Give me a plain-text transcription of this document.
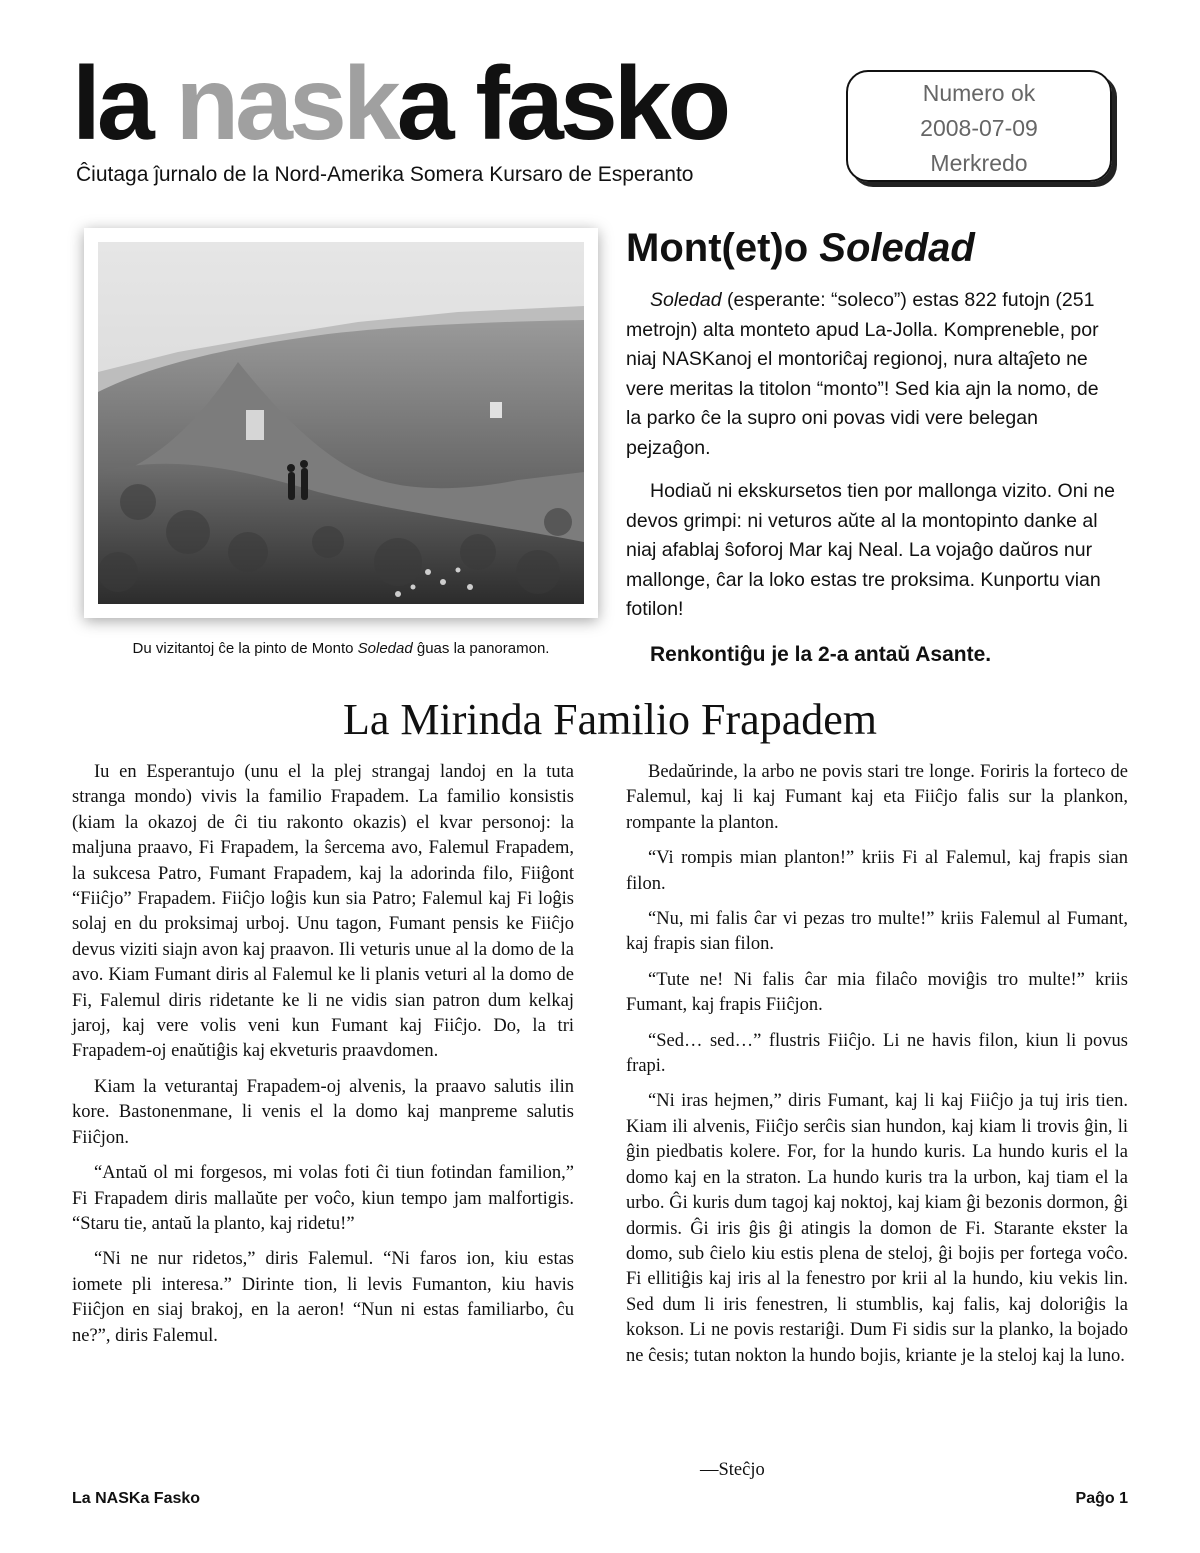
la naska fasko
Ĉiutaga ĵurnalo de la Nord-Amerika Somera Kursaro de Esperanto
Numero ok
2008-07-09
Merkredo
Du vizitantoj ĉe la pinto de Monto Soledad ĝuas la panoramon.
Mont(et)o Soledad

Soledad (esperante: “soleco”) estas 822 futojn (251 metrojn) alta monteto apud La-Jolla. Kompreneble, por niaj NASKanoj el montoriĉaj regionoj, nura altaĵeto ne vere meritas la titolon “monto”! Sed kia ajn la nomo, de la parko ĉe la supro oni povas vidi vere belegan pejzaĝon.

Hodiaŭ ni ekskursetos tien por mallonga vizito. Oni ne devos grimpi: ni veturos aŭte al la montopinto danke al niaj afablaj ŝoforoj Mar kaj Neal. La vojaĝo daŭros nur mallonge, ĉar la loko estas tre proksima. Kunportu vian fotilon!

Renkontiĝu je la 2-a antaŭ Asante.
La Mirinda Familio Frapadem

Iu en Esperantujo (unu el la plej strangaj landoj en la tuta stranga mondo) vivis la familio Frapadem. La familio konsistis (kiam la okazoj de ĉi tiu rakonto okazis) el kvar personoj: la maljuna praavo, Fi Frapadem, la ŝercema avo, Falemul Frapadem, la sukcesa Patro, Fumant Frapadem, kaj la adorinda filo, Fiiĝont “Fiiĉjo” Frapadem. Fiiĉjo loĝis kun sia Patro; Falemul kaj Fi loĝis solaj en du proksimaj urboj. Unu tagon, Fumant pensis ke Fiiĉjo devus viziti siajn avon kaj praavon. Ili veturis unue al la domo de la avo. Kiam Fumant diris al Falemul ke li planis veturi al la domo de Fi, Falemul diris ridetante ke li ne vidis sian patron dum kelkaj jaroj, kaj vere volis veni kun Fumant kaj Fiiĉjo. Do, la tri Frapadem-oj enaŭtiĝis kaj ekveturis praavdomen.

Kiam la veturantaj Frapadem-oj alvenis, la praavo salutis ilin kore. Bastonenmane, li venis el la domo kaj manpreme salutis Fiiĉjon.

“Antaŭ ol mi forgesos, mi volas foti ĉi tiun fotindan familion,” Fi Frapadem diris mallaŭte per voĉo, kiun tempo jam malfortigis. “Staru tie, antaŭ la planto, kaj ridetu!”

“Ni ne nur ridetos,” diris Falemul. “Ni faros ion, kiu estas iomete pli interesa.” Dirinte tion, li levis Fumanton, kiu havis Fiiĉjon en siaj brakoj, en la aeron! “Nun ni estas familiarbo, ĉu ne?”, diris Falemul.

Bedaŭrinde, la arbo ne povis stari tre longe. Foriris la forteco de Falemul, kaj li kaj Fumant kaj eta Fiiĉjo falis sur la plankon, rompante la planton.

“Vi rompis mian planton!” kriis Fi al Falemul, kaj frapis sian filon.

“Nu, mi falis ĉar vi pezas tro multe!” kriis Falemul al Fumant, kaj frapis sian filon.

“Tute ne! Ni falis ĉar mia filaĉo moviĝis tro multe!” kriis Fumant, kaj frapis Fiiĉjon.

“Sed… sed…” flustris Fiiĉjo. Li ne havis filon, kiun li povus frapi.

“Ni iras hejmen,” diris Fumant, kaj li kaj Fiiĉjo ja tuj iris tien. Kiam ili alvenis, Fiiĉjo serĉis sian hundon, kaj kiam li trovis ĝin, li ĝin piedbatis kolere. For, for la hundo kuris. La hundo kuris el la domo kaj en la straton. La hundo kuris tra la urbon, kaj tiam el la urbo. Ĝi kuris dum tagoj kaj noktoj, kaj kiam ĝi bezonis dormon, ĝi dormis. Ĝi iris ĝis ĝi atingis la domon de Fi. Starante ekster la domo, sub ĉielo kiu estis plena de steloj, ĝi bojis per fortega voĉo. Fi ellitiĝis kaj iris al la fenestro por krii al la hundo, kiu vekis lin. Sed dum li iris fenestren, li stumblis, kaj falis, kaj doloriĝis la kokson. Li ne povis restariĝi. Dum Fi sidis sur la planko, la bojado ne ĉesis; tutan nokton la hundo bojis, kriante je la steloj kaj la luno.

—Steĉjo
La NASKa Fasko	Paĝo 1
